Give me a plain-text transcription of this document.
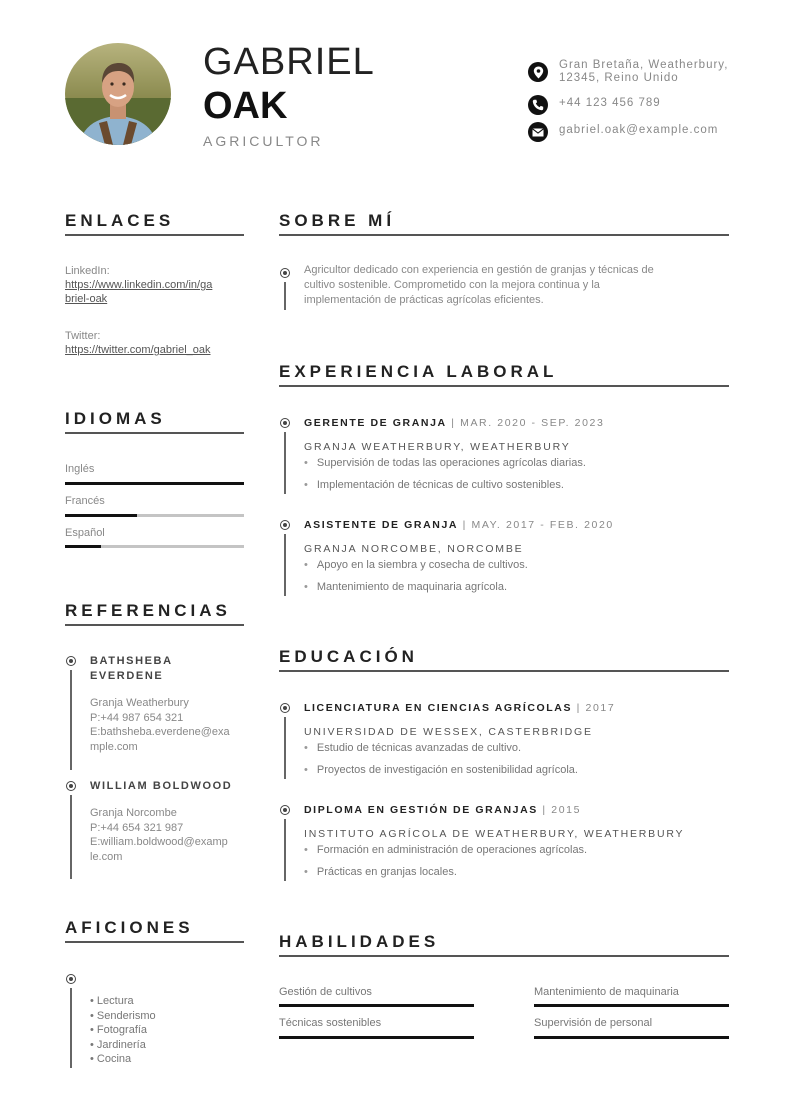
GABRIEL
OAK
AGRICULTOR
Gran Bretaña, Weatherbury,
12345, Reino Unido
+44 123 456 789
gabriel.oak@example.com
ENLACES
LinkedIn:
https://www.linkedin.com/in/ga
briel-oak
Twitter:
https://twitter.com/gabriel_oak
IDIOMAS
Inglés
Francés
Español
REFERENCIAS
BATHSHEBA
EVERDENE
Granja Weatherbury
P:+44 987 654 321
E:bathsheba.everdene@exa
mple.com
WILLIAM BOLDWOOD
Granja Norcombe
P:+44 654 321 987
E:william.boldwood@examp
le.com
AFICIONES
• Lectura
• Senderismo
• Fotografía
• Jardinería
• Cocina
SOBRE MÍ
Agricultor dedicado con experiencia en gestión de granjas y técnicas de
cultivo sostenible. Comprometido con la mejora continua y la
implementación de prácticas agrícolas eficientes.
EXPERIENCIA LABORAL
GERENTE DE GRANJA | MAR. 2020 - SEP. 2023
GRANJA WEATHERBURY, WEATHERBURY
• Supervisión de todas las operaciones agrícolas diarias.
• Implementación de técnicas de cultivo sostenibles.
ASISTENTE DE GRANJA | MAY. 2017 - FEB. 2020
GRANJA NORCOMBE, NORCOMBE
• Apoyo en la siembra y cosecha de cultivos.
• Mantenimiento de maquinaria agrícola.
EDUCACIÓN
LICENCIATURA EN CIENCIAS AGRÍCOLAS | 2017
UNIVERSIDAD DE WESSEX, CASTERBRIDGE
• Estudio de técnicas avanzadas de cultivo.
• Proyectos de investigación en sostenibilidad agrícola.
DIPLOMA EN GESTIÓN DE GRANJAS | 2015
INSTITUTO AGRÍCOLA DE WEATHERBURY, WEATHERBURY
• Formación en administración de operaciones agrícolas.
• Prácticas en granjas locales.
HABILIDADES
Gestión de cultivos	Mantenimiento de maquinaria
Técnicas sostenibles	Supervisión de personal
